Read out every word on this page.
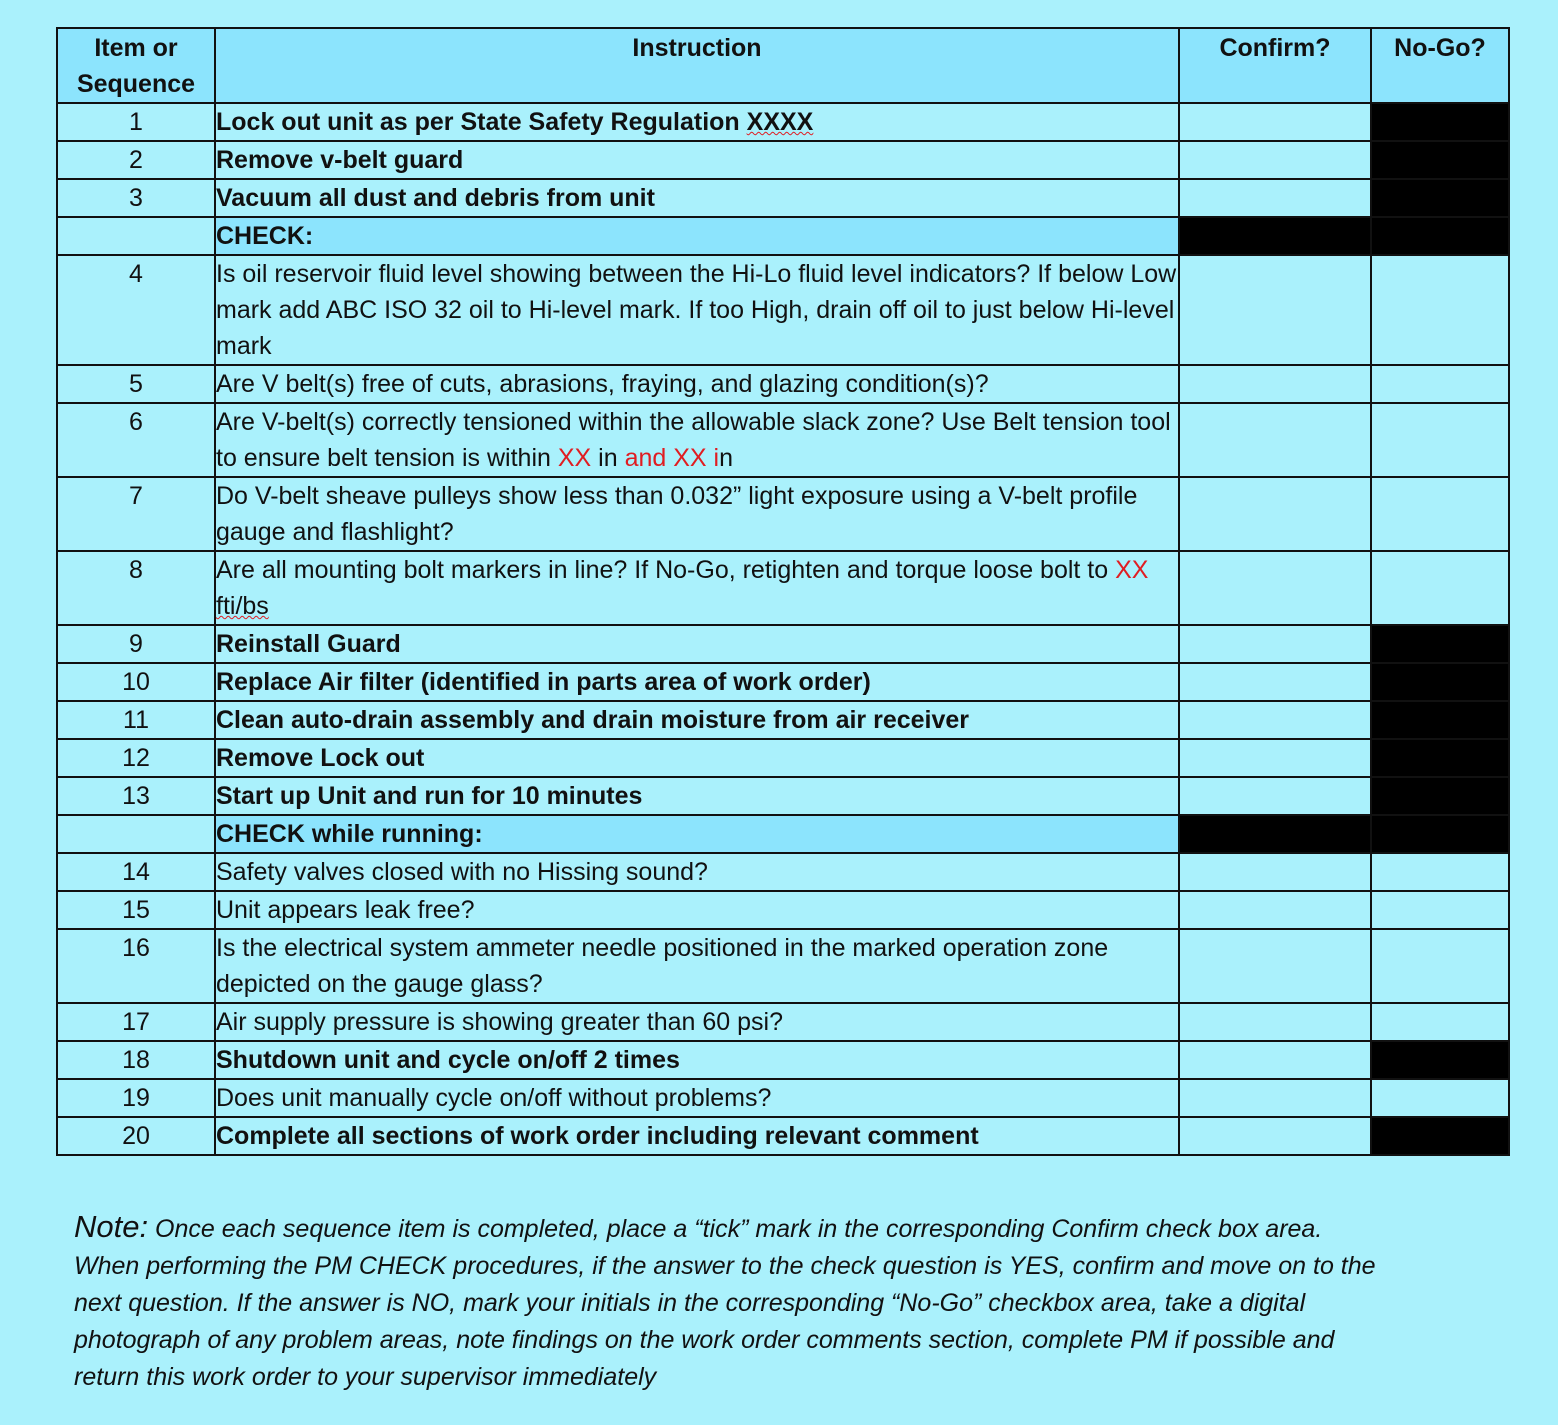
Item or Sequence	Instruction	Confirm?	No-Go?
1	Lock out unit as per State Safety Regulation XXXX		
2	Remove v-belt guard		
3	Vacuum all dust and debris from unit		
	CHECK:		
4	Is oil reservoir fluid level showing between the Hi-Lo fluid level indicators? If below Low mark add ABC ISO 32 oil to Hi-level mark. If too High, drain off oil to just below Hi-level mark		
5	Are V belt(s) free of cuts, abrasions, fraying, and glazing condition(s)?		
6	Are V-belt(s) correctly tensioned within the allowable slack zone? Use Belt tension tool to ensure belt tension is within XX in and XX in		
7	Do V-belt sheave pulleys show less than 0.032” light exposure using a V-belt profile gauge and flashlight?		
8	Are all mounting bolt markers in line? If No-Go, retighten and torque loose bolt to XX fti/bs		
9	Reinstall Guard		
10	Replace Air filter (identified in parts area of work order)		
11	Clean auto-drain assembly and drain moisture from air receiver		
12	Remove Lock out		
13	Start up Unit and run for 10 minutes		
	CHECK while running:		
14	Safety valves closed with no Hissing sound?		
15	Unit appears leak free?		
16	Is the electrical system ammeter needle positioned in the marked operation zone depicted on the gauge glass?		
17	Air supply pressure is showing greater than 60 psi?		
18	Shutdown unit and cycle on/off 2 times		
19	Does unit manually cycle on/off without problems?		
20	Complete all sections of work order including relevant comment		
Note: Once each sequence item is completed, place a “tick” mark in the corresponding Confirm check box area. When performing the PM CHECK procedures, if the answer to the check question is YES, confirm and move on to the next question. If the answer is NO, mark your initials in the corresponding “No-Go” checkbox area, take a digital photograph of any problem areas, note findings on the work order comments section, complete PM if possible and return this work order to your supervisor immediately
